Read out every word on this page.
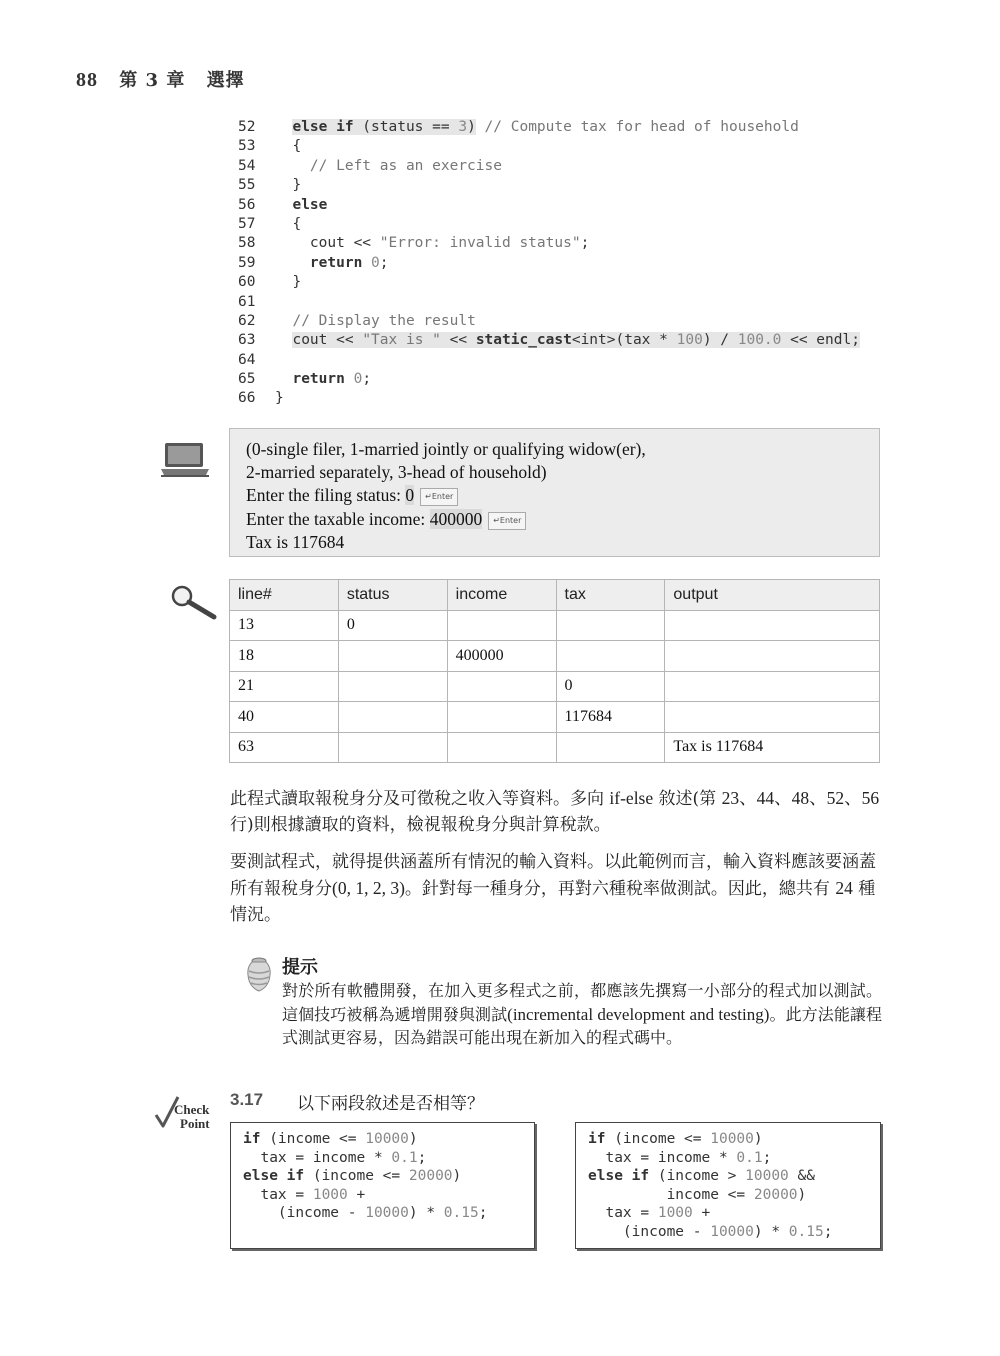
88 第 3 章 選擇
52	else if (status == 3) // Compute tax for head of household
53	{
54	// Left as an exercise
55	}
56	else
57	{
58	cout << "Error: invalid status";
59	return 0;
60	}
61
62	// Display the result
63	cout << "Tax is " << static_cast<int>(tax * 100) / 100.0 << endl;
64
65	return 0;
66	}
(0-single filer, 1-married jointly or qualifying widow(er),
2-married separately, 3-head of household)
Enter the filing status: 0 ↵Enter
Enter the taxable income: 400000 ↵Enter
Tax is 117684
line#	status	income	tax	output
13	0			
18		400000		
21			0	
40			117684	
63				Tax is 117684
此程式讀取報稅身分及可徵稅之收入等資料。多向 if-else 敘述(第 23、44、48、52、56 行)則根據讀取的資料，檢視報稅身分與計算稅款。
要測試程式，就得提供涵蓋所有情況的輸入資料。以此範例而言，輸入資料應該要涵蓋所有報稅身分(0, 1, 2, 3)。針對每一種身分，再對六種稅率做測試。因此，總共有 24 種情況。
提示
對於所有軟體開發，在加入更多程式之前，都應該先撰寫一小部分的程式加以測試。這個技巧被稱為遞增開發與測試(incremental development and testing)。此方法能讓程式測試更容易，因為錯誤可能出現在新加入的程式碼中。
Check
Point
3.17 以下兩段敘述是否相等？
if (income <= 10000)
tax = income * 0.1;
else if (income <= 20000)
tax = 1000 +
(income - 10000) * 0.15;
if (income <= 10000)
tax = income * 0.1;
else if (income > 10000 &&
income <= 20000)
tax = 1000 +
(income - 10000) * 0.15;
